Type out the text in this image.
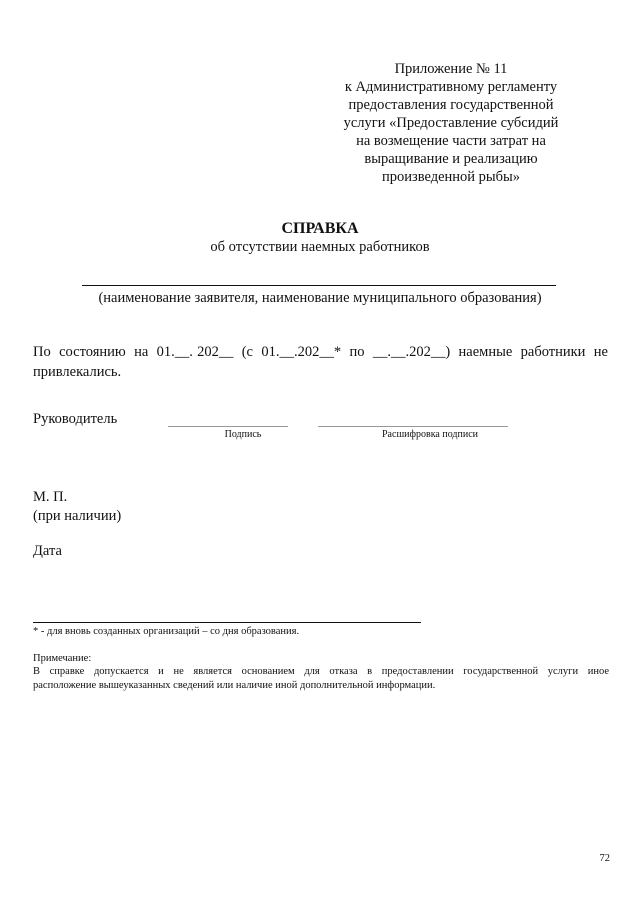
Приложение № 11
к Административному регламенту
предоставления государственной
услуги «Предоставление субсидий
на возмещение части затрат на
выращивание и реализацию
произведенной рыбы»
СПРАВКА
об отсутствии наемных работников
(наименование заявителя, наименование муниципального образования)
По  состоянию  на  01.__. 202__  (с  01.__.202__*  по  __.__.202__)  наемные  работники  не
привлекались.
Руководитель
Подпись	Расшифровка подписи
М. П.
(при наличии)
Дата
* - для вновь созданных организаций – со дня образования.
Примечание:
В справке допускается и не является основанием для отказа в предоставлении государственной услуги иное
расположение вышеуказанных сведений или наличие иной дополнительной информации.
72
